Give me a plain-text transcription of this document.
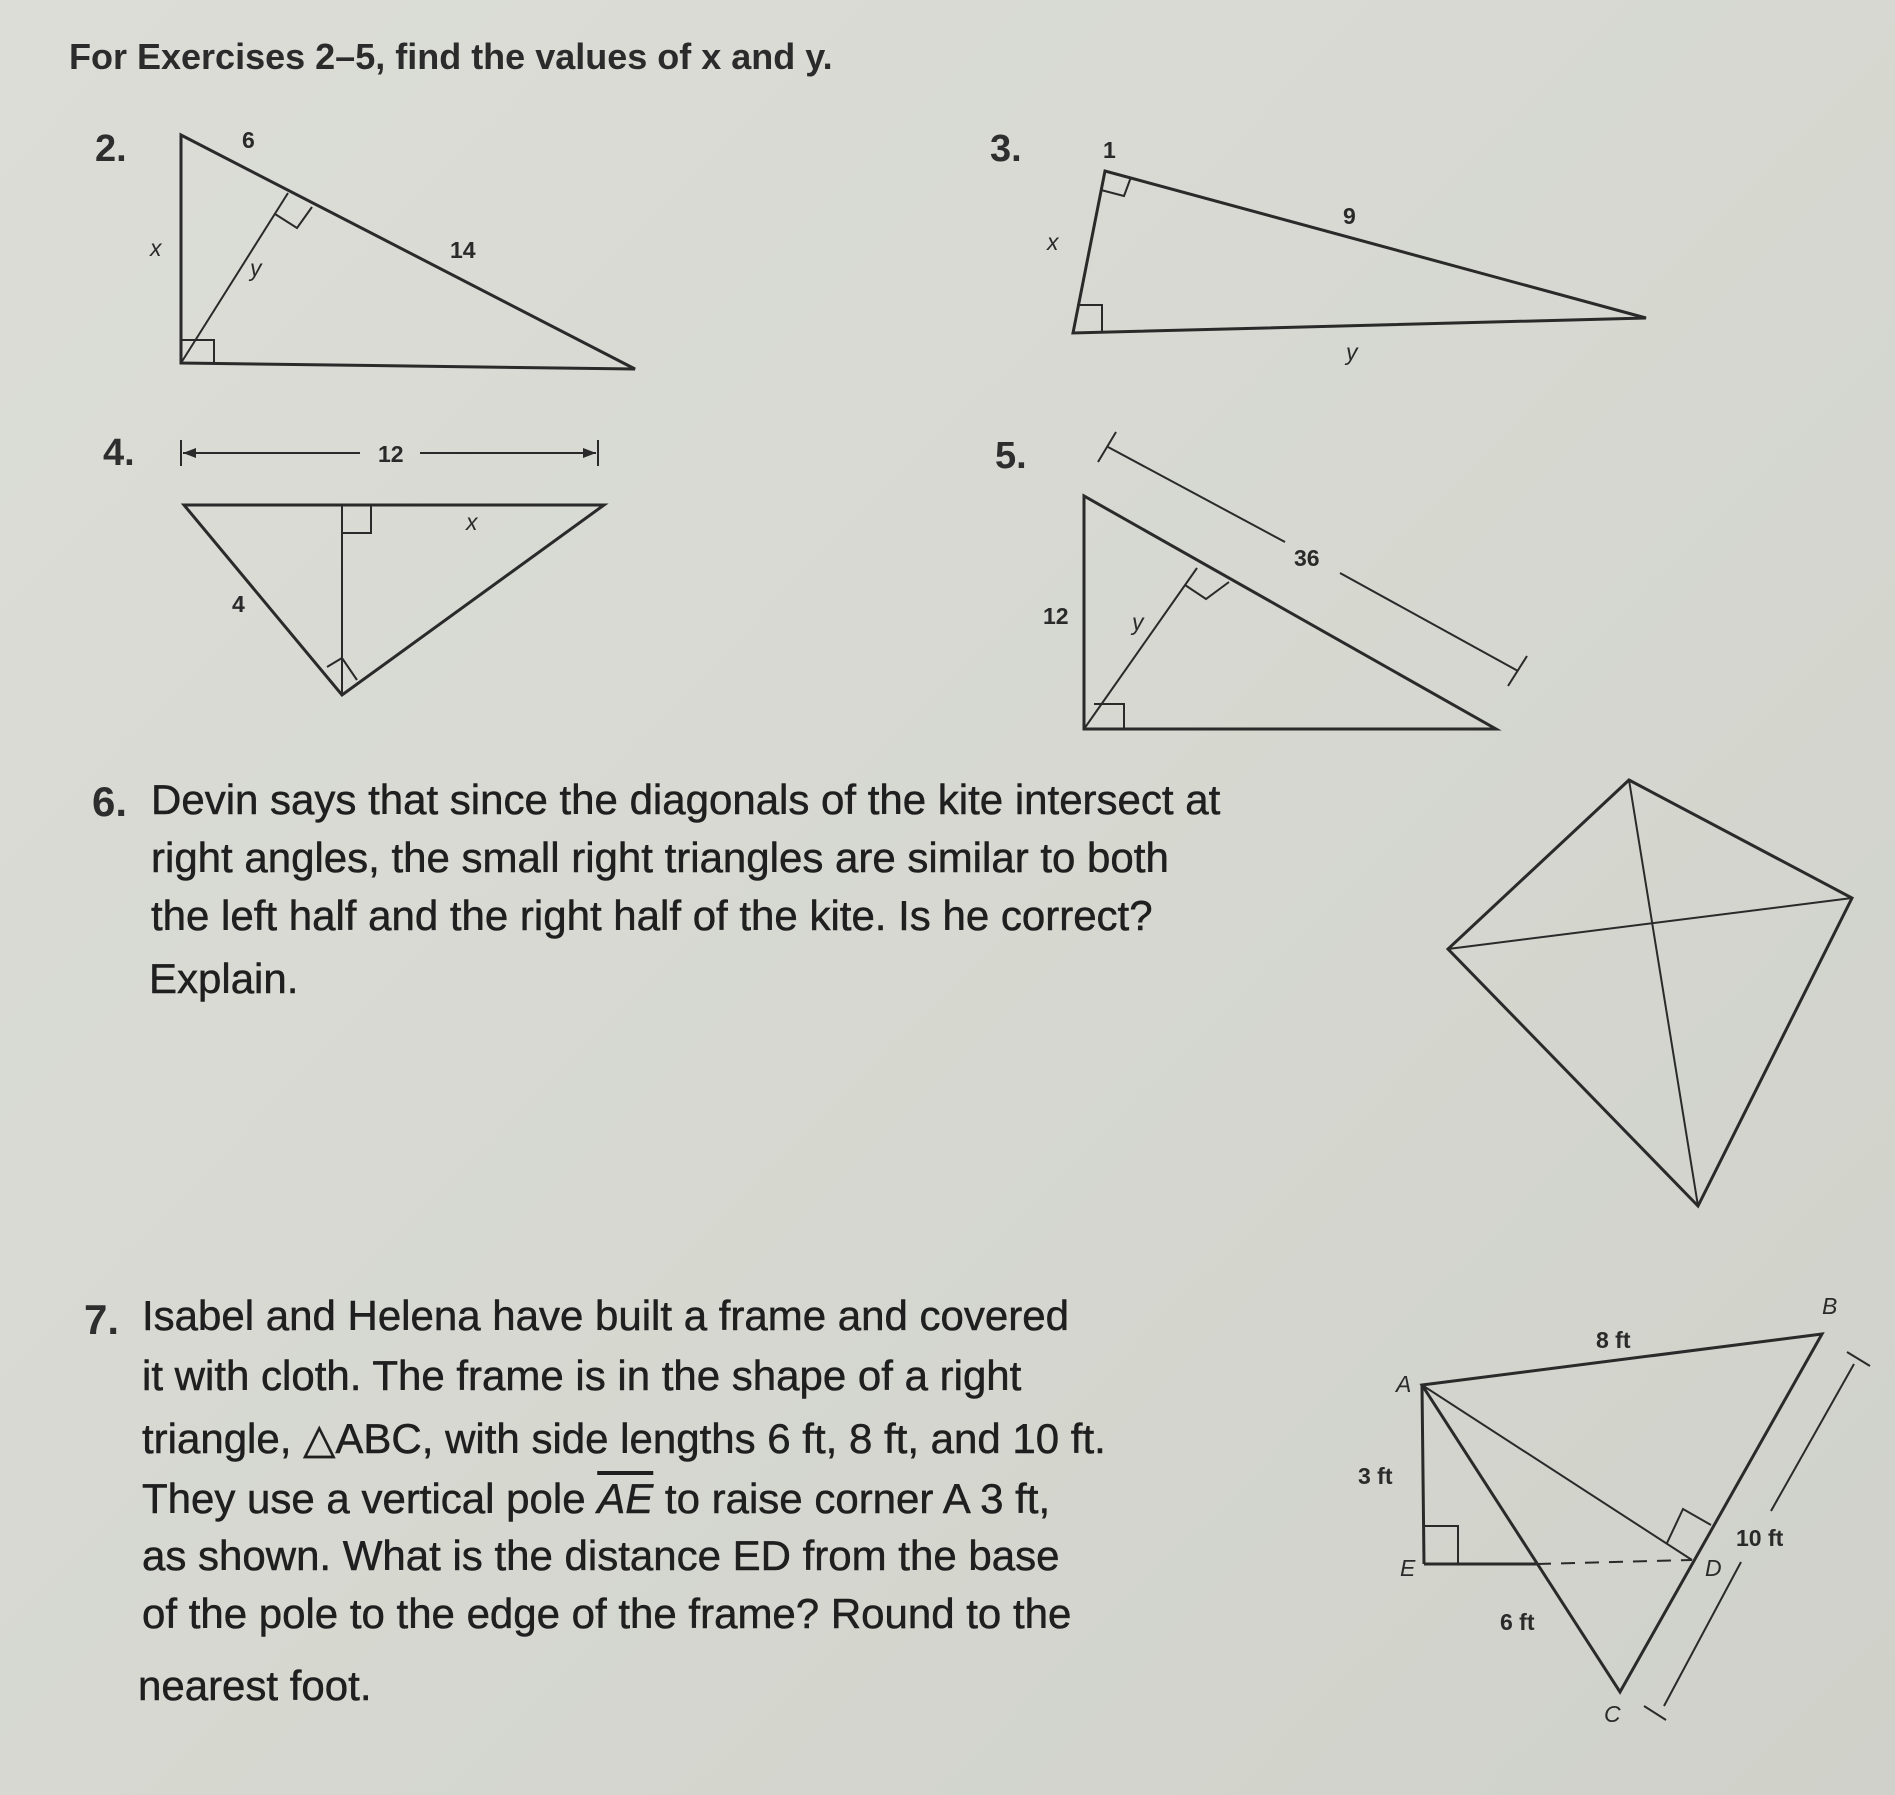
For Exercises 2–5, find the values of x and y.
2.	3.
4.	5.
6. Devin says that since the diagonals of the kite intersect at
right angles, the small right triangles are similar to both
the left half and the right half of the kite. Is he correct?
Explain.
7. Isabel and Helena have built a frame and covered
it with cloth. The frame is in the shape of a right
triangle, △ABC, with side lengths 6 ft, 8 ft, and 10 ft.
They use a vertical pole $\overline{AE}$ to raise corner A 3 ft,
as shown. What is the distance ED from the base
of the pole to the edge of the frame? Round to the
nearest foot.
6
x
y
14
1
x
9
y
12
x
4
36
12	y
A
B
C
D
E
8 ft
3 ft
6 ft
10 ft
